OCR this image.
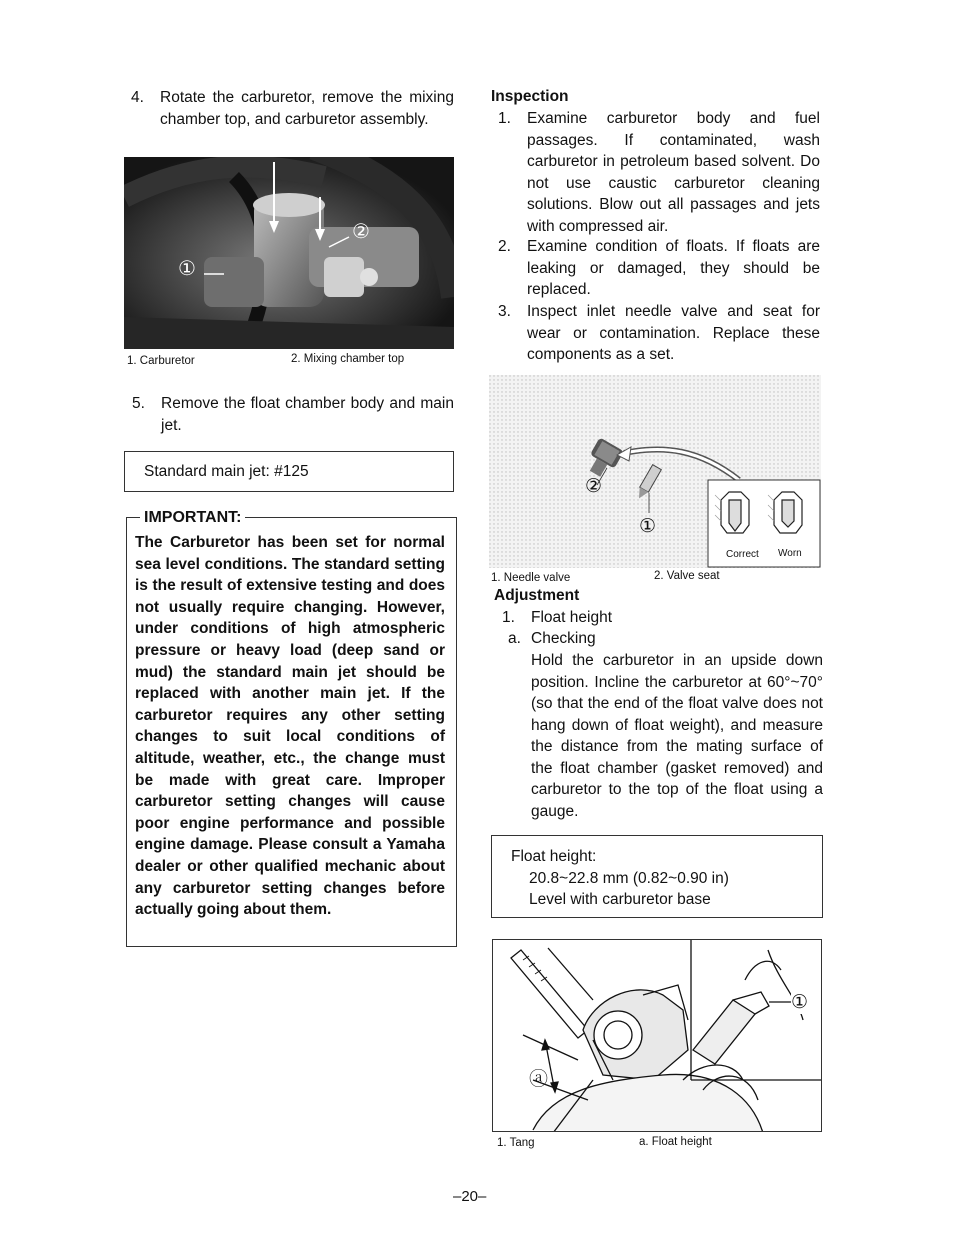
4. Rotate the carburetor, remove the mixing chamber top, and carburetor assembly.
①
②
1. Carburetor	2. Mixing chamber top
5. Remove the float chamber body and main jet.
Standard main jet: #125
IMPORTANT:
The Carburetor has been set for normal sea level conditions. The standard setting is the result of extensive testing and does not usually require changing. However, under conditions of high atmospheric pressure or heavy load (deep sand or mud) the standard main jet should be replaced with another main jet. If the carburetor requires any other setting changes to suit local conditions of altitude, weather, etc., the change must be made with great care. Improper carburetor setting changes will cause poor engine performance and possible engine damage. Please consult a Yamaha dealer or other qualified mechanic about any carburetor setting changes before actually going about them.
Inspection
1. Examine carburetor body and fuel passages. If contaminated, wash carburetor in petroleum based solvent. Do not use caustic carburetor cleaning solutions. Blow out all passages and jets with compressed air.
2. Examine condition of floats. If floats are leaking or damaged, they should be replaced.
3. Inspect inlet needle valve and seat for wear or contamination. Replace these components as a set.
②
①
Correct Worn
1. Needle valve	2. Valve seat
Adjustment
1. Float height
a. Checking
Hold the carburetor in an upside down position. Incline the carburetor at 60°~70° (so that the end of the float valve does not hang down of float weight), and measure the distance from the mating surface of the float chamber (gasket removed) and carburetor to the top of the float using a gauge.
Float height:
20.8~22.8 mm (0.82~0.90 in)
Level with carburetor base
①
ⓐ
1. Tang	a. Float height
–20–
